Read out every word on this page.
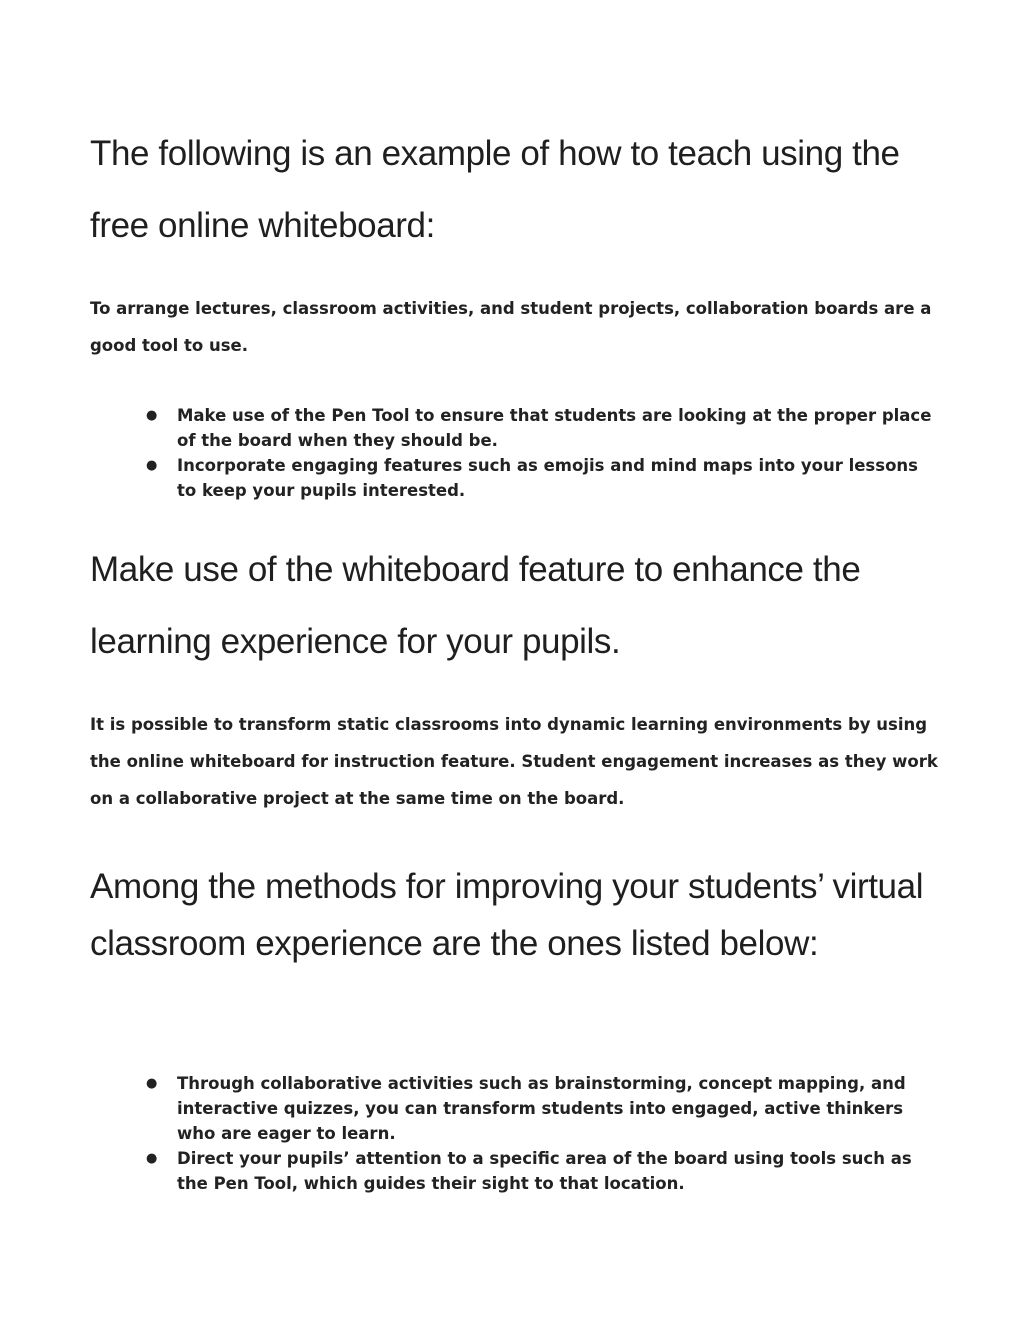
The following is an example of how to teach using the free online whiteboard:

To arrange lectures, classroom activities, and student projects, collaboration boards are a good tool to use.

● Make use of the Pen Tool to ensure that students are looking at the proper place of the board when they should be.
● Incorporate engaging features such as emojis and mind maps into your lessons to keep your pupils interested.
Make use of the whiteboard feature to enhance the learning experience for your pupils.

It is possible to transform static classrooms into dynamic learning environments by using the online whiteboard for instruction feature. Student engagement increases as they work on a collaborative project at the same time on the board.

Among the methods for improving your students’ virtual classroom experience are the ones listed below:
● Through collaborative activities such as brainstorming, concept mapping, and interactive quizzes, you can transform students into engaged, active thinkers who are eager to learn.
● Direct your pupils’ attention to a specific area of the board using tools such as the Pen Tool, which guides their sight to that location.
